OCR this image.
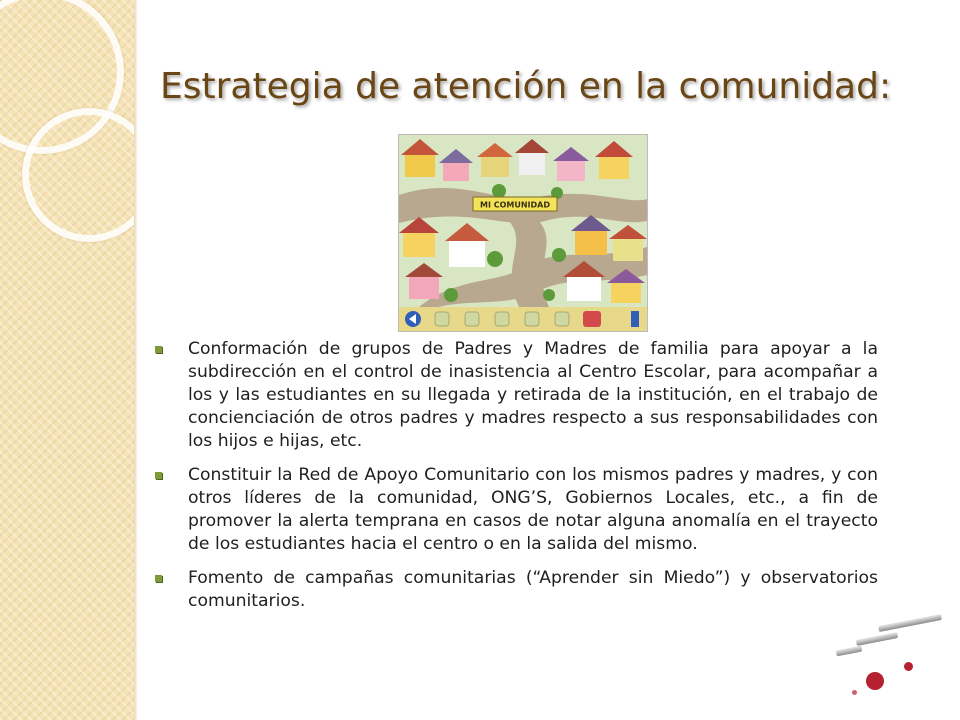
Estrategia de atención en la comunidad:
MI COMUNIDAD
Conformación de grupos de Padres y Madres de familia para apoyar a la subdirección en el control de inasistencia al Centro Escolar, para acompañar a los y las estudiantes en su llegada y retirada de la institución, en el trabajo de concienciación de otros padres y madres respecto a sus responsabilidades con los hijos e hijas, etc.
Constituir la Red de Apoyo Comunitario con los mismos padres y madres, y con otros líderes de la comunidad, ONG’S, Gobiernos Locales, etc., a fin de promover la alerta temprana en casos de notar alguna anomalía en el trayecto de los estudiantes hacia el centro o en la salida del mismo.
Fomento de campañas comunitarias (“Aprender sin Miedo”) y observatorios comunitarios.
